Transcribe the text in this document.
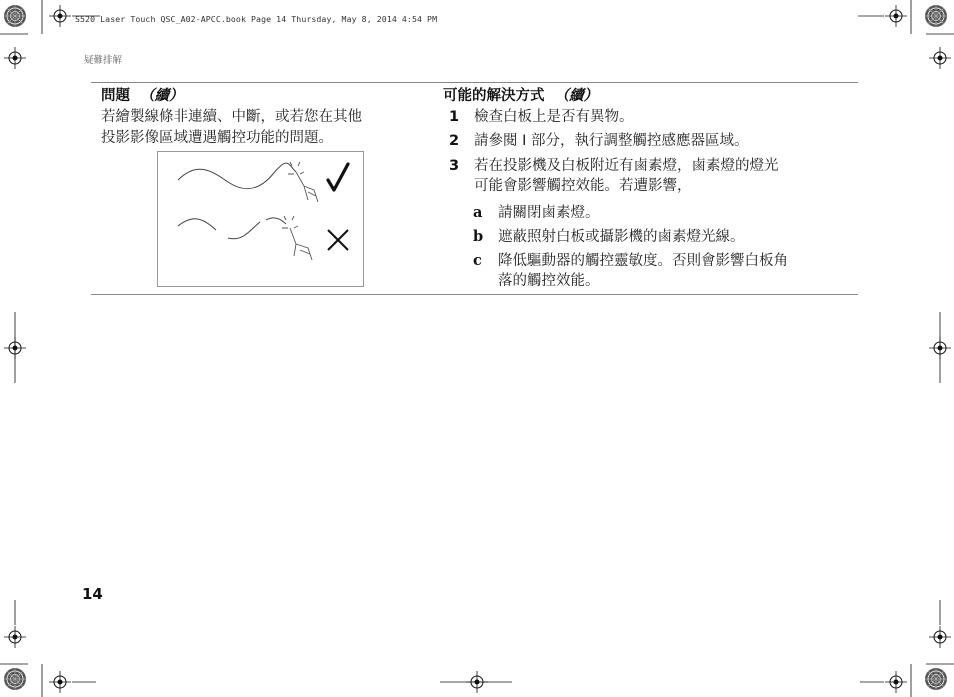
S520 Laser Touch QSC_A02-APCC.book Page 14 Thursday, May 8, 2014 4:54 PM
疑難排解
問題 （續）	可能的解決方式 （續）
若繪製線條非連續、中斷，或若您在其他
投影影像區域遭遇觸控功能的問題。
1 檢查白板上是否有異物。
2 請參閱 I 部分，執行調整觸控感應器區域。
3 若在投影機及白板附近有鹵素燈，鹵素燈的燈光
可能會影響觸控效能。若遭影響，
a 請關閉鹵素燈。
b 遮蔽照射白板或攝影機的鹵素燈光線。
c 降低驅動器的觸控靈敏度。否則會影響白板角
落的觸控效能。
14
